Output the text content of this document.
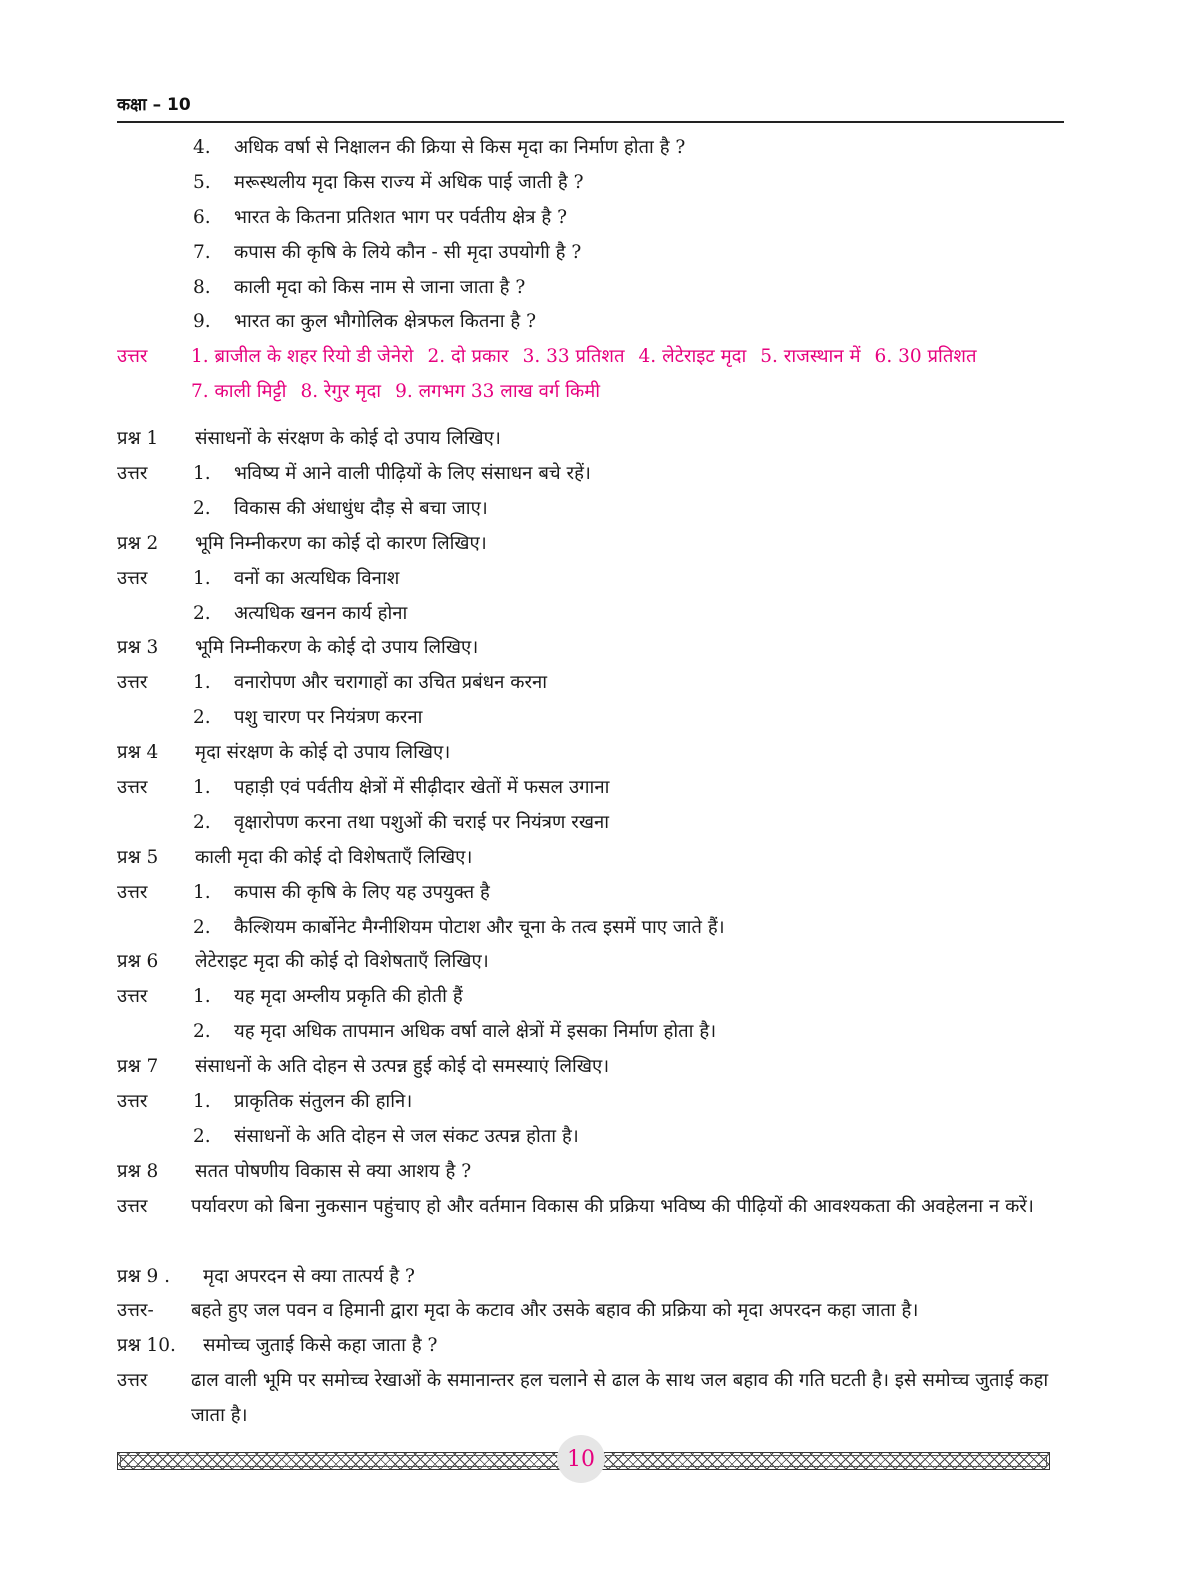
कक्षा – 10
4. अधिक वर्षा से निक्षालन की क्रिया से किस मृदा का निर्माण होता है ?
5. मरूस्थलीय मृदा किस राज्य में अधिक पाई जाती है ?
6. भारत के कितना प्रतिशत भाग पर पर्वतीय क्षेत्र है ?
7. कपास की कृषि के लिये कौन - सी मृदा उपयोगी है ?
8. काली मृदा को किस नाम से जाना जाता है ?
9. भारत का कुल भौगोलिक क्षेत्रफल कितना है ?
उत्तर 1. ब्राजील के शहर रियो डी जेनेरो 2. दो प्रकार 3. 33 प्रतिशत 4. लेटेराइट मृदा 5. राजस्थान में 6. 30 प्रतिशत
7. काली मिट्टी 8. रेगुर मृदा 9. लगभग 33 लाख वर्ग किमी
प्रश्न 1 संसाधनों के संरक्षण के कोई दो उपाय लिखिए।
उत्तर 1. भविष्य में आने वाली पीढ़ियों के लिए संसाधन बचे रहें।
2. विकास की अंधाधुंध दौड़ से बचा जाए।
प्रश्न 2 भूमि निम्नीकरण का कोई दो कारण लिखिए।
उत्तर 1. वनों का अत्यधिक विनाश
2. अत्यधिक खनन कार्य होना
प्रश्न 3 भूमि निम्नीकरण के कोई दो उपाय लिखिए।
उत्तर 1. वनारोपण और चरागाहों का उचित प्रबंधन करना
2. पशु चारण पर नियंत्रण करना
प्रश्न 4 मृदा संरक्षण के कोई दो उपाय लिखिए।
उत्तर 1. पहाड़ी एवं पर्वतीय क्षेत्रों में सीढ़ीदार खेतों में फसल उगाना
2. वृक्षारोपण करना तथा पशुओं की चराई पर नियंत्रण रखना
प्रश्न 5 काली मृदा की कोई दो विशेषताएँ लिखिए।
उत्तर 1. कपास की कृषि के लिए यह उपयुक्त है
2. कैल्शियम कार्बोनेट मैग्नीशियम पोटाश और चूना के तत्व इसमें पाए जाते हैं।
प्रश्न 6 लेटेराइट मृदा की कोई दो विशेषताएँ लिखिए।
उत्तर 1. यह मृदा अम्लीय प्रकृति की होती हैं
2. यह मृदा अधिक तापमान अधिक वर्षा वाले क्षेत्रों में इसका निर्माण होता है।
प्रश्न 7 संसाधनों के अति दोहन से उत्पन्न हुई कोई दो समस्याएं लिखिए।
उत्तर 1. प्राकृतिक संतुलन की हानि।
2. संसाधनों के अति दोहन से जल संकट उत्पन्न होता है।
प्रश्न 8 सतत पोषणीय विकास से क्या आशय है ?
उत्तर पर्यावरण को बिना नुकसान पहुंचाए हो और वर्तमान विकास की प्रक्रिया भविष्य की पीढ़ियों की आवश्यकता की अवहेलना न करें।
प्रश्न 9 . मृदा अपरदन से क्या तात्पर्य है ?
उत्तर- बहते हुए जल पवन व हिमानी द्वारा मृदा के कटाव और उसके बहाव की प्रक्रिया को मृदा अपरदन कहा जाता है।
प्रश्न 10. समोच्च जुताई किसे कहा जाता है ?
उत्तर ढाल वाली भूमि पर समोच्च रेखाओं के समानान्तर हल चलाने से ढाल के साथ जल बहाव की गति घटती है। इसे समोच्च जुताई कहा जाता है।
10
